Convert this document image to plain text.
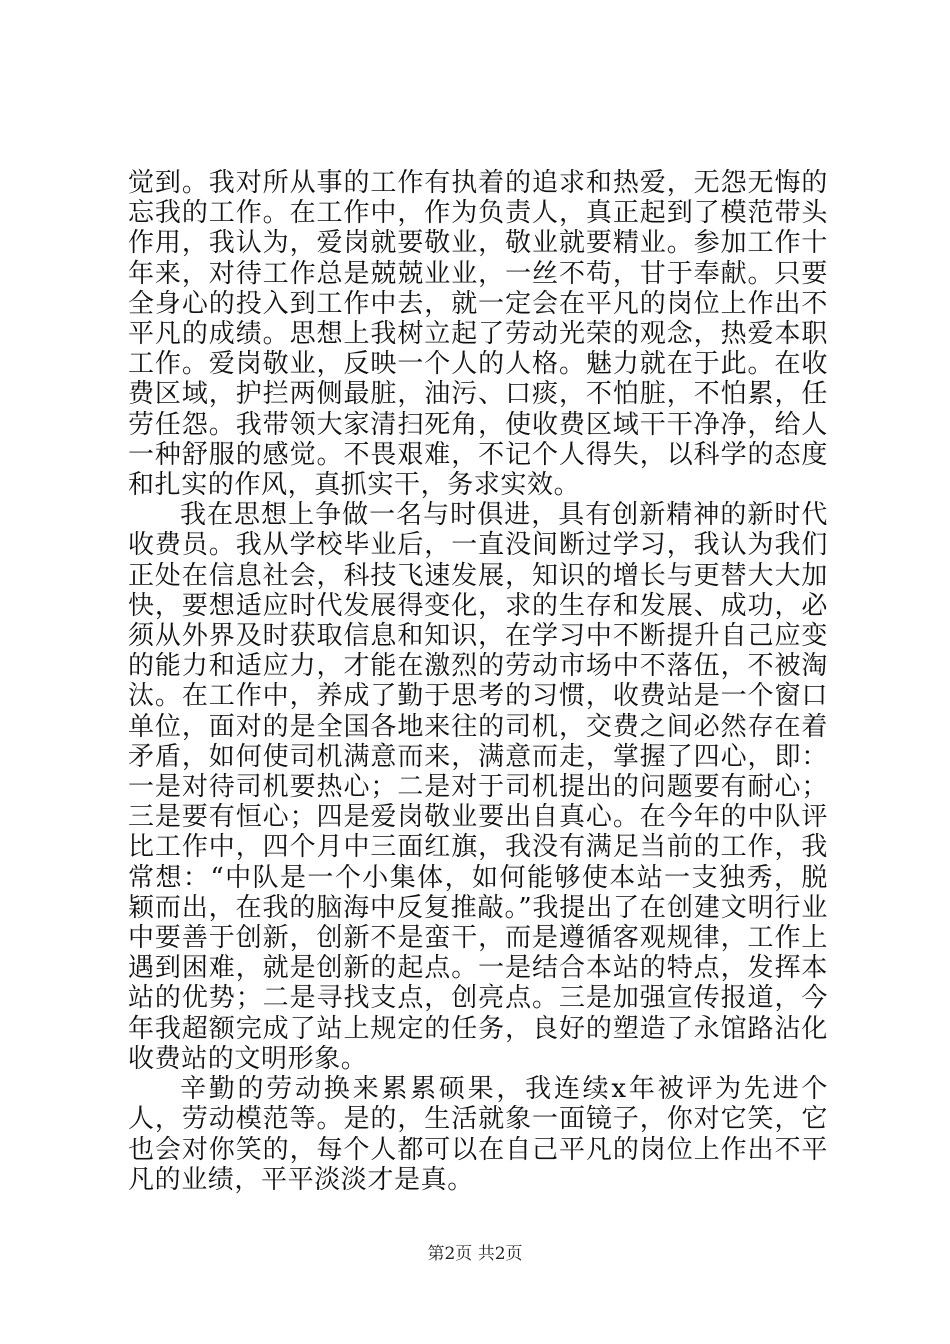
觉到。我对所从事的工作有执着的追求和热爱，无怨无悔的忘我的工作。在工作中，作为负责人，真正起到了模范带头作用，我认为，爱岗就要敬业，敬业就要精业。参加工作十年来，对待工作总是兢兢业业，一丝不苟，甘于奉献。只要全身心的投入到工作中去，就一定会在平凡的岗位上作出不平凡的成绩。思想上我树立起了劳动光荣的观念，热爱本职工作。爱岗敬业，反映一个人的人格。魅力就在于此。在收费区域，护拦两侧最脏，油污、口痰，不怕脏，不怕累，任劳任怨。我带领大家清扫死角，使收费区域干干净净，给人一种舒服的感觉。不畏艰难，不记个人得失，以科学的态度和扎实的作风，真抓实干，务求实效。

我在思想上争做一名与时俱进，具有创新精神的新时代收费员。我从学校毕业后，一直没间断过学习，我认为我们正处在信息社会，科技飞速发展，知识的增长与更替大大加快，要想适应时代发展得变化，求的生存和发展、成功，必须从外界及时获取信息和知识，在学习中不断提升自己应变的能力和适应力，才能在激烈的劳动市场中不落伍，不被淘汰。在工作中，养成了勤于思考的习惯，收费站是一个窗口单位，面对的是全国各地来往的司机，交费之间必然存在着矛盾，如何使司机满意而来，满意而走，掌握了四心，即：一是对待司机要热心；二是对于司机提出的问题要有耐心；三是要有恒心；四是爱岗敬业要出自真心。在今年的中队评比工作中，四个月中三面红旗，我没有满足当前的工作，我常想：“中队是一个小集体，如何能够使本站一支独秀，脱颖而出，在我的脑海中反复推敲。”我提出了在创建文明行业中要善于创新，创新不是蛮干，而是遵循客观规律，工作上遇到困难，就是创新的起点。一是结合本站的特点，发挥本站的优势；二是寻找支点，创亮点。三是加强宣传报道，今年我超额完成了站上规定的任务，良好的塑造了永馆路沾化收费站的文明形象。

辛勤的劳动换来累累硕果，我连续x年被评为先进个人，劳动模范等。是的，生活就象一面镜子，你对它笑，它也会对你笑的，每个人都可以在自己平凡的岗位上作出不平凡的业绩，平平淡淡才是真。

第2页 共2页
